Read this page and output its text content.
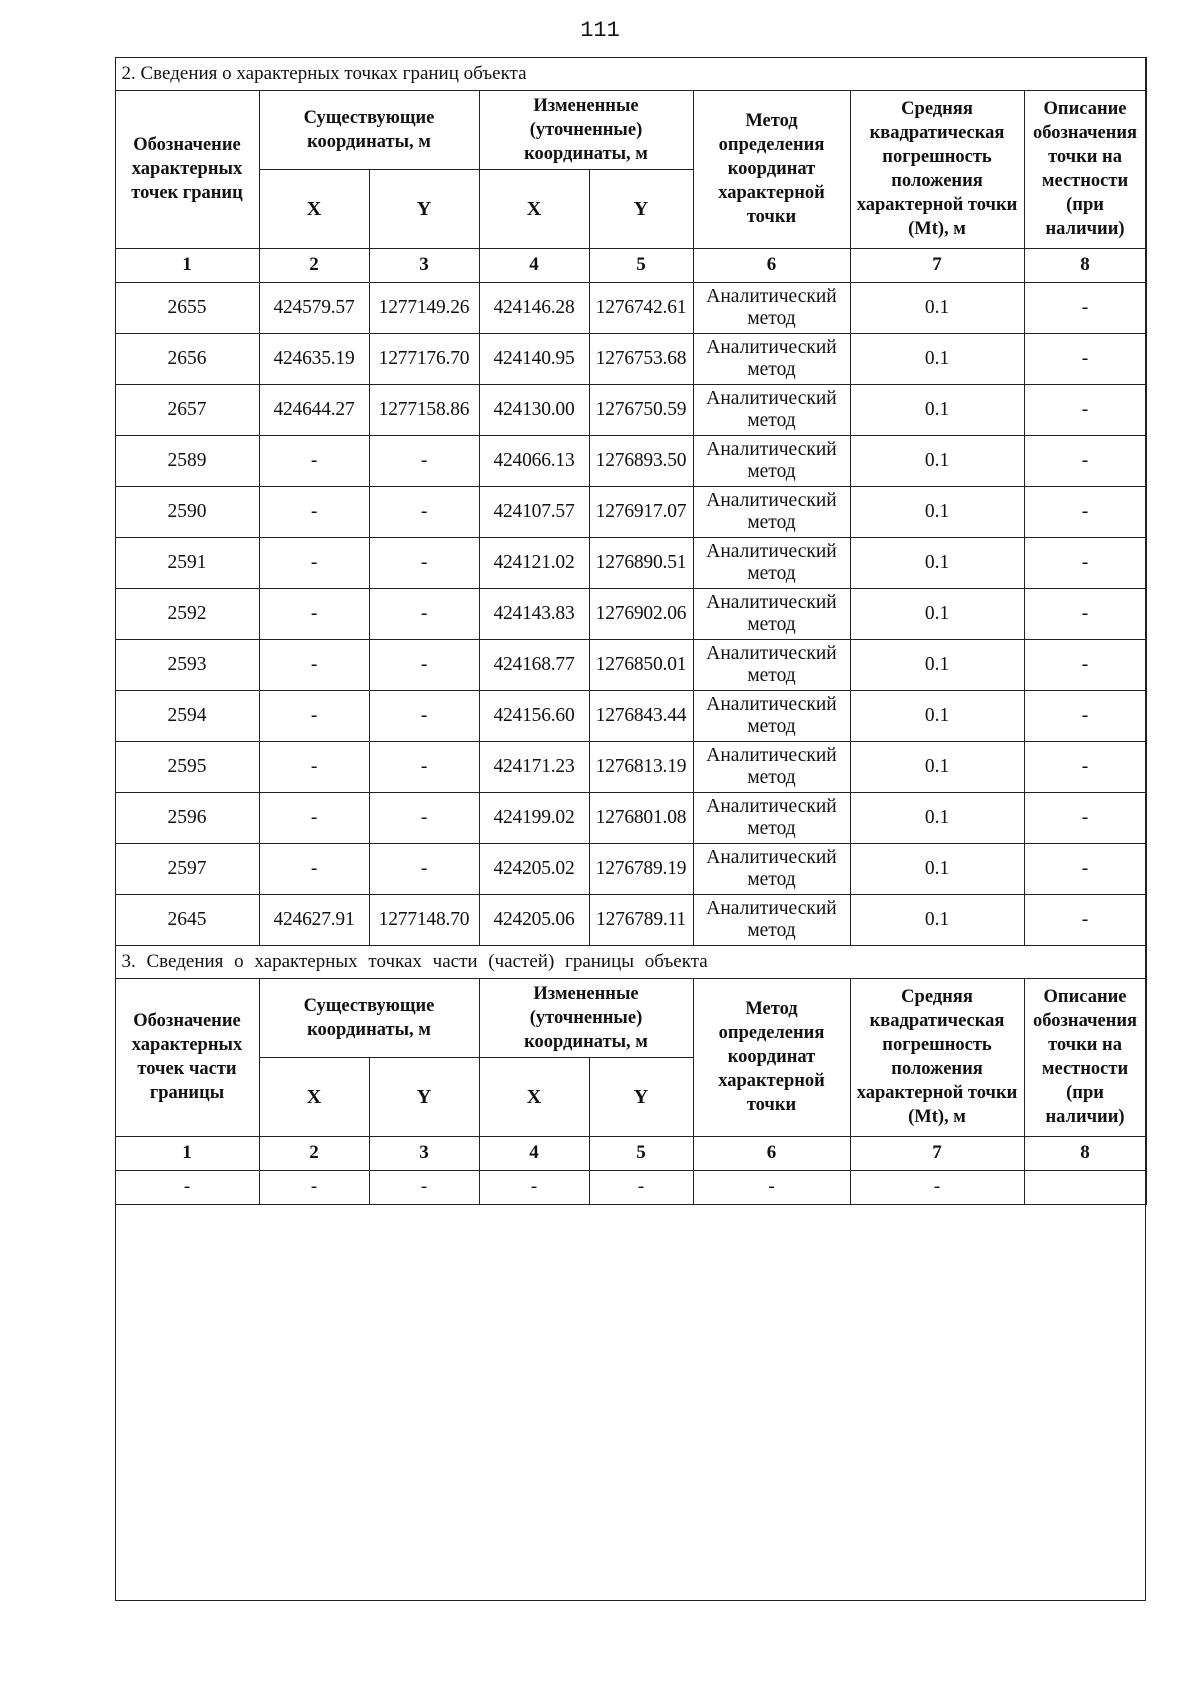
111
2. Сведения о характерных точках границ объекта							
Обозначение характерных точек границ	Существующие координаты, м		Измененные (уточненные) координаты, м		Метод определения координат характерной точки	Средняя квадратическая погрешность положения характерной точки (Mt), м	Описание обозначения точки на местности (при наличии)
	X	Y	X	Y			
1	2	3	4	5	6	7	8
2655	424579.57	1277149.26	424146.28	1276742.61	Аналитический метод	0.1	-
2656	424635.19	1277176.70	424140.95	1276753.68	Аналитический метод	0.1	-
2657	424644.27	1277158.86	424130.00	1276750.59	Аналитический метод	0.1	-
2589	-	-	424066.13	1276893.50	Аналитический метод	0.1	-
2590	-	-	424107.57	1276917.07	Аналитический метод	0.1	-
2591	-	-	424121.02	1276890.51	Аналитический метод	0.1	-
2592	-	-	424143.83	1276902.06	Аналитический метод	0.1	-
2593	-	-	424168.77	1276850.01	Аналитический метод	0.1	-
2594	-	-	424156.60	1276843.44	Аналитический метод	0.1	-
2595	-	-	424171.23	1276813.19	Аналитический метод	0.1	-
2596	-	-	424199.02	1276801.08	Аналитический метод	0.1	-
2597	-	-	424205.02	1276789.19	Аналитический метод	0.1	-
2645	424627.91	1277148.70	424205.06	1276789.11	Аналитический метод	0.1	-
3. Сведения о характерных точках части (частей) границы объекта							
Обозначение характерных точек части границы	Существующие координаты, м		Измененные (уточненные) координаты, м		Метод определения координат характерной точки	Средняя квадратическая погрешность положения характерной точки (Mt), м	Описание обозначения точки на местности (при наличии)
	X	Y	X	Y			
1	2	3	4	5	6	7	8
-	-	-	-	-	-	-	
